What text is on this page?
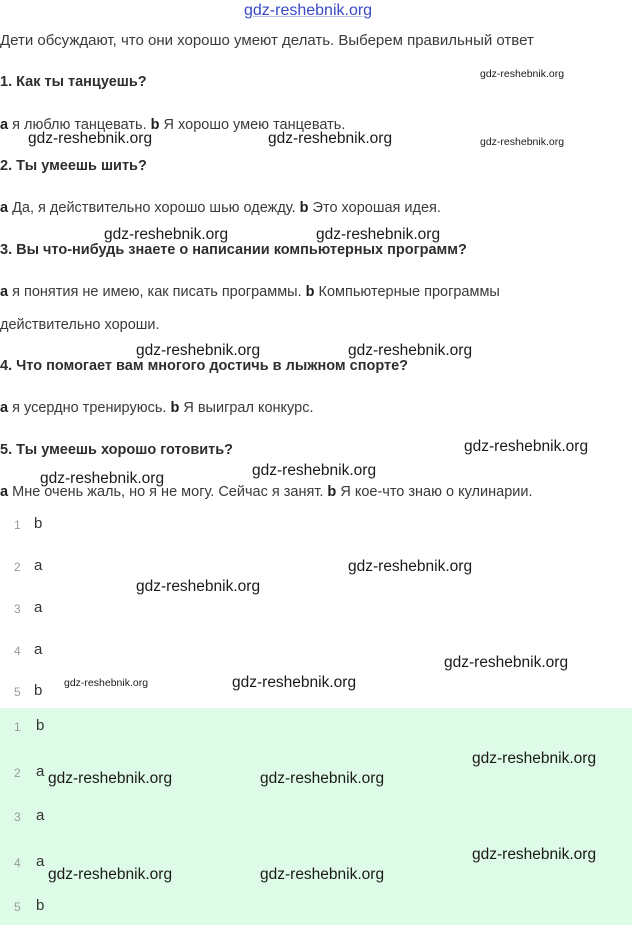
gdz-reshebnik.org
Дети обсуждают, что они хорошо умеют делать. Выберем правильный ответ
1. Как ты танцуешь?
a я люблю танцевать. b Я хорошо умею танцевать.
2. Ты умеешь шить?
a Да, я действительно хорошо шью одежду. b Это хорошая идея.
3. Вы что-нибудь знаете о написании компьютерных программ?
a я понятия не имею, как писать программы. b Компьютерные программы
действительно хороши.
4. Что помогает вам многого достичь в лыжном спорте?
a я усердно тренируюсь. b Я выиграл конкурс.
5. Ты умеешь хорошо готовить?
a Мне очень жаль, но я не могу. Сейчас я занят. b Я кое-что знаю о кулинарии.
1 b
2 a
3 a
4 a
5 b
1 b
2 a
3 a
4 a
5 b
gdz-reshebnik.org
gdz-reshebnik.org	gdz-reshebnik.org	gdz-reshebnik.org
gdz-reshebnik.org	gdz-reshebnik.org
gdz-reshebnik.org	gdz-reshebnik.org
gdz-reshebnik.org
gdz-reshebnik.org
gdz-reshebnik.org
gdz-reshebnik.org
gdz-reshebnik.org
gdz-reshebnik.org
gdz-reshebnik.org	gdz-reshebnik.org
gdz-reshebnik.org
gdz-reshebnik.org	gdz-reshebnik.org
gdz-reshebnik.org
gdz-reshebnik.org	gdz-reshebnik.org
